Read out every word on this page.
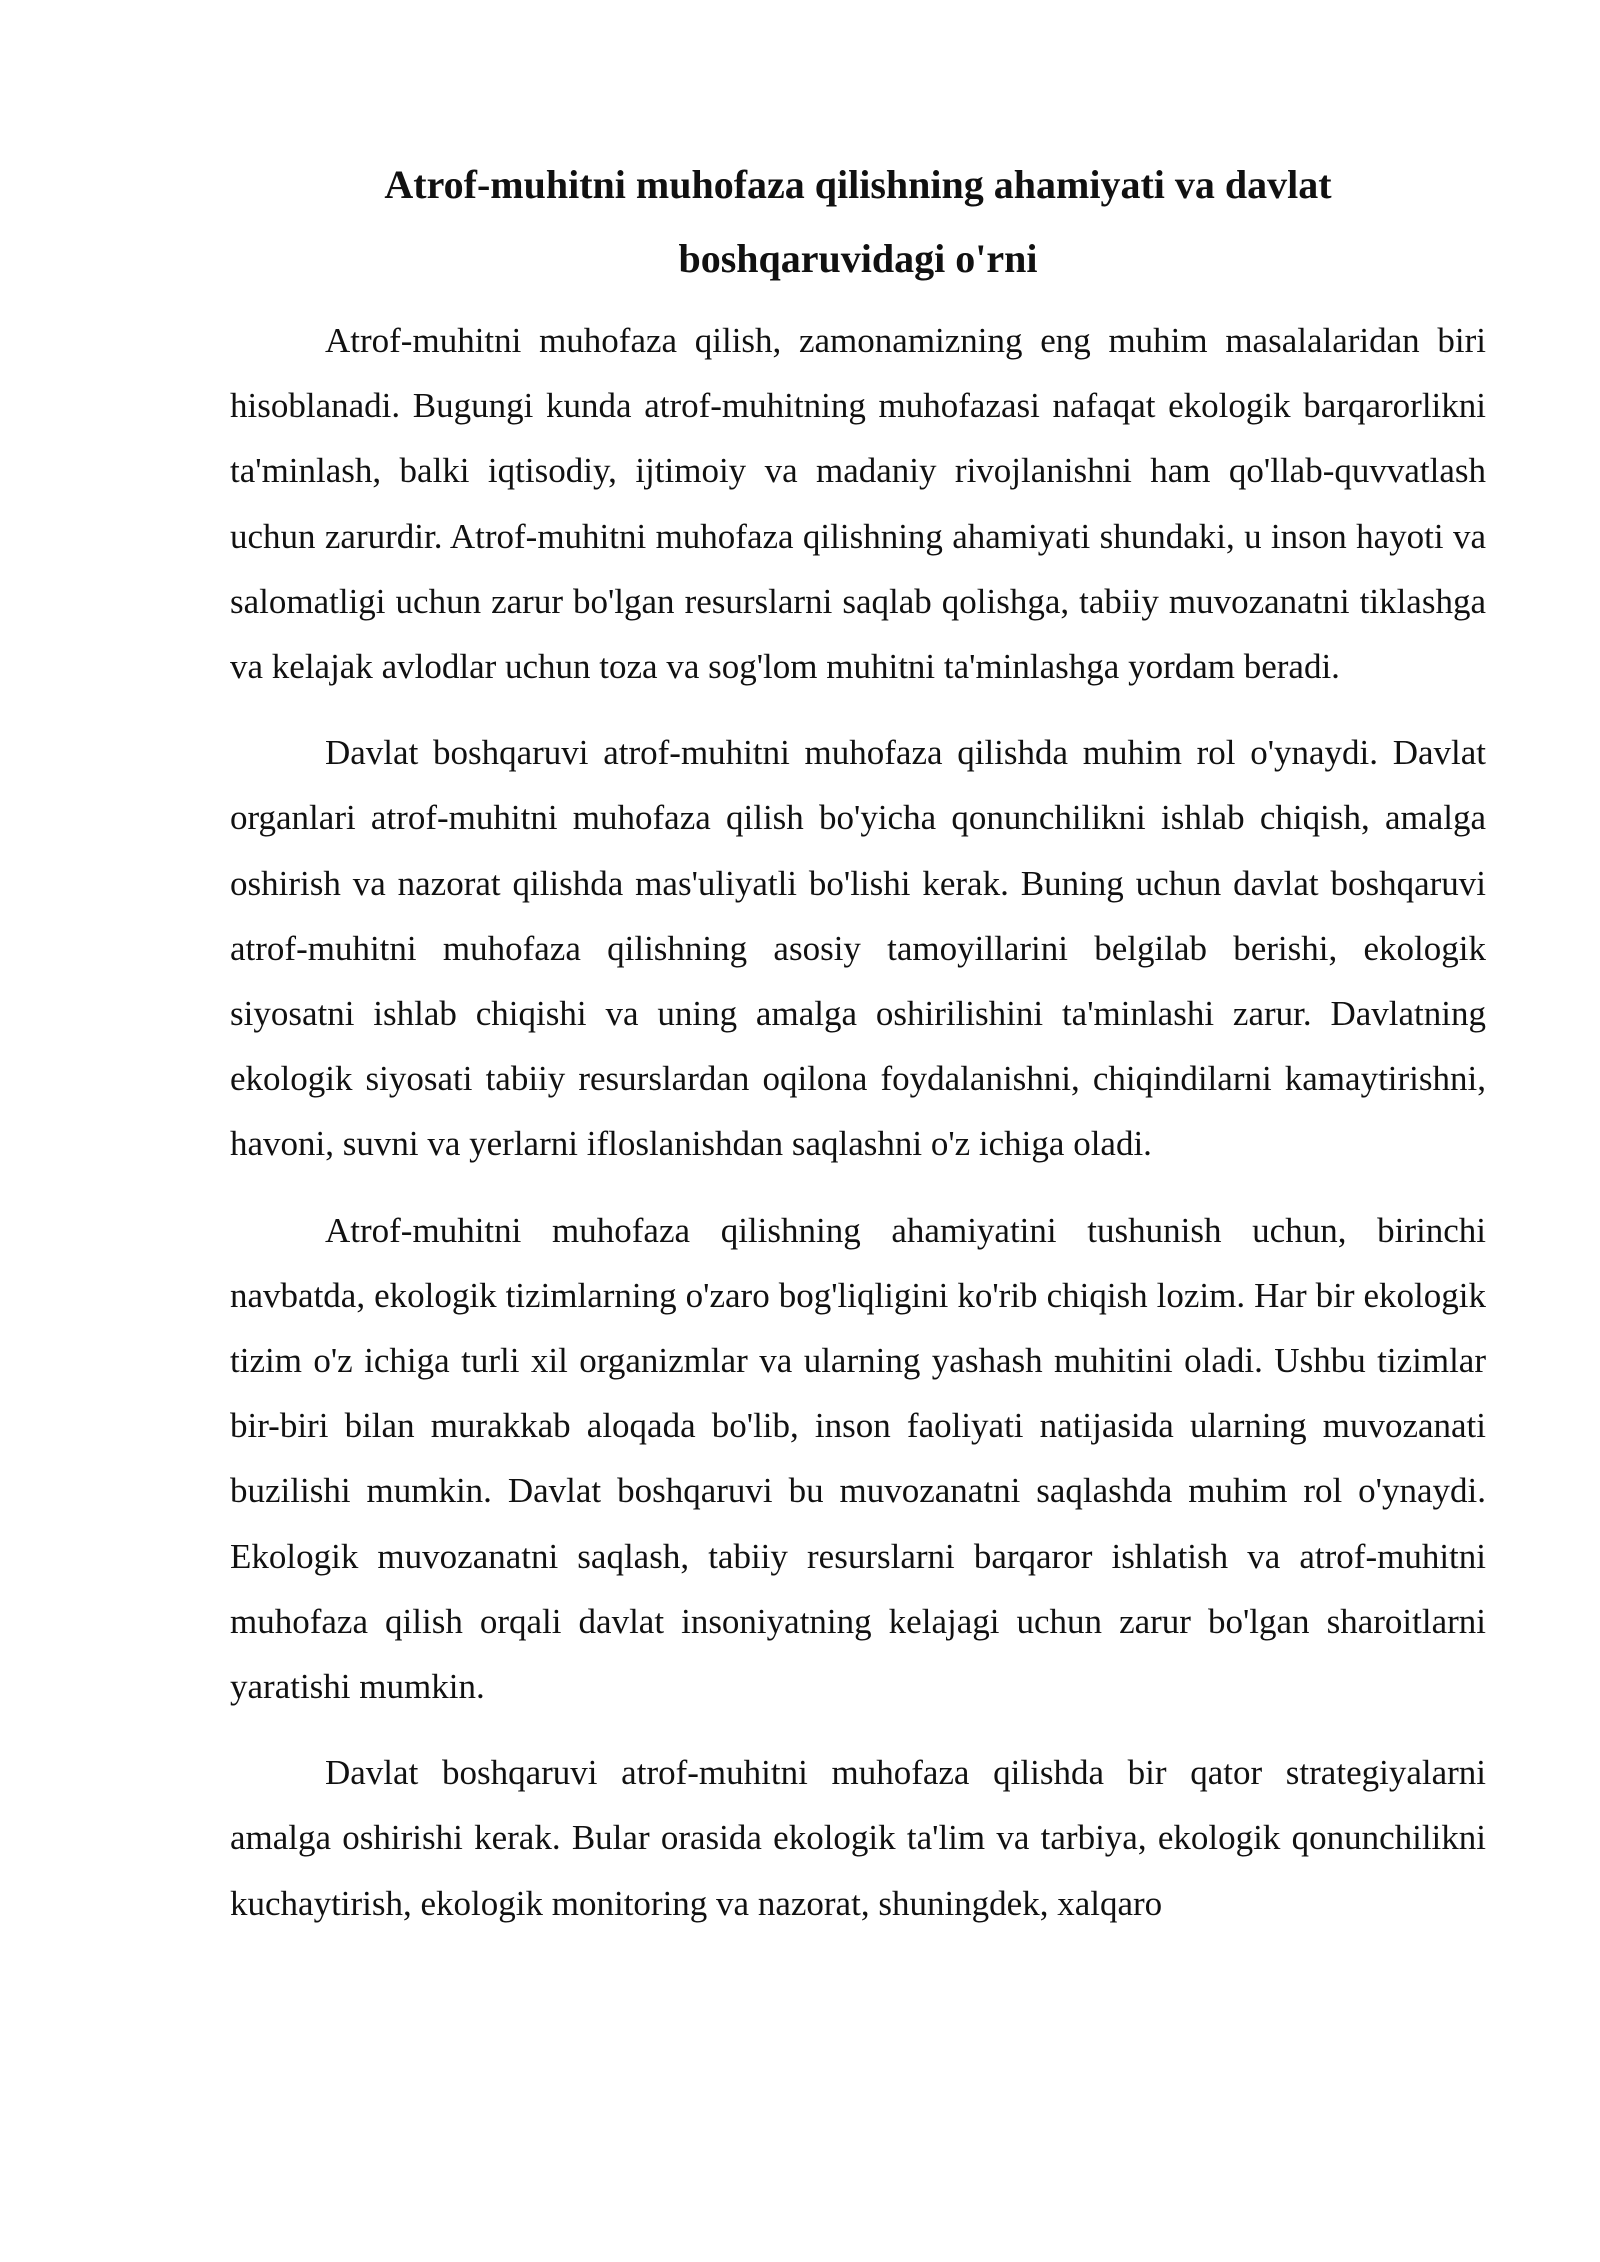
Atrof-muhitni muhofaza qilishning ahamiyati va davlat
boshqaruvidagi o'rni

Atrof-muhitni muhofaza qilish, zamonamizning eng muhim masalalaridan biri hisoblanadi. Bugungi kunda atrof-muhitning muhofazasi nafaqat ekologik barqarorlikni ta'minlash, balki iqtisodiy, ijtimoiy va madaniy rivojlanishni ham qo'llab-quvvatlash uchun zarurdir. Atrof-muhitni muhofaza qilishning ahamiyati shundaki, u inson hayoti va salomatligi uchun zarur bo'lgan resurslarni saqlab qolishga, tabiiy muvozanatni tiklashga va kelajak avlodlar uchun toza va sog'lom muhitni ta'minlashga yordam beradi.

Davlat boshqaruvi atrof-muhitni muhofaza qilishda muhim rol o'ynaydi. Davlat organlari atrof-muhitni muhofaza qilish bo'yicha qonunchilikni ishlab chiqish, amalga oshirish va nazorat qilishda mas'uliyatli bo'lishi kerak. Buning uchun davlat boshqaruvi atrof-muhitni muhofaza qilishning asosiy tamoyillarini belgilab berishi, ekologik siyosatni ishlab chiqishi va uning amalga oshirilishini ta'minlashi zarur. Davlatning ekologik siyosati tabiiy resurslardan oqilona foydalanishni, chiqindilarni kamaytirishni, havoni, suvni va yerlarni ifloslanishdan saqlashni o'z ichiga oladi.

Atrof-muhitni muhofaza qilishning ahamiyatini tushunish uchun, birinchi navbatda, ekologik tizimlarning o'zaro bog'liqligini ko'rib chiqish lozim. Har bir ekologik tizim o'z ichiga turli xil organizmlar va ularning yashash muhitini oladi. Ushbu tizimlar bir-biri bilan murakkab aloqada bo'lib, inson faoliyati natijasida ularning muvozanati buzilishi mumkin. Davlat boshqaruvi bu muvozanatni saqlashda muhim rol o'ynaydi. Ekologik muvozanatni saqlash, tabiiy resurslarni barqaror ishlatish va atrof-muhitni muhofaza qilish orqali davlat insoniyatning kelajagi uchun zarur bo'lgan sharoitlarni yaratishi mumkin.

Davlat boshqaruvi atrof-muhitni muhofaza qilishda bir qator strategiyalarni amalga oshirishi kerak. Bular orasida ekologik ta'lim va tarbiya, ekologik qonunchilikni kuchaytirish, ekologik monitoring va nazorat, shuningdek, xalqaro
